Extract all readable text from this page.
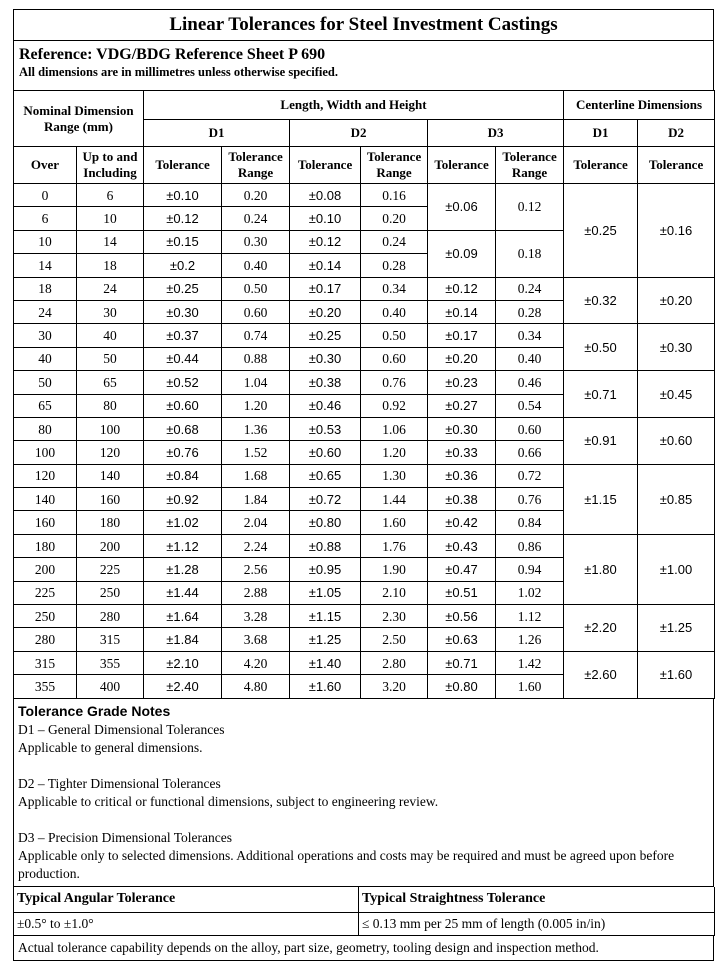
Linear Tolerances for Steel Investment Castings
Reference: VDG/BDG Reference Sheet P 690
All dimensions are in millimetres unless otherwise specified.
Nominal Dimension Range (mm)		Length, Width and Height						Centerline Dimensions	
		D1		D2		D3		D1	D2
Over	Up to and Including	Tolerance	Tolerance Range	Tolerance	Tolerance Range	Tolerance	Tolerance Range	Tolerance	Tolerance
0	6	±0.10	0.20	±0.08	0.16	±0.06	0.12	±0.25	±0.16
6	10	±0.12	0.24	±0.10	0.20				
10	14	±0.15	0.30	±0.12	0.24	±0.09	0.18		
14	18	±0.2	0.40	±0.14	0.28				
18	24	±0.25	0.50	±0.17	0.34	±0.12	0.24	±0.32	±0.20
24	30	±0.30	0.60	±0.20	0.40	±0.14	0.28		
30	40	±0.37	0.74	±0.25	0.50	±0.17	0.34	±0.50	±0.30
40	50	±0.44	0.88	±0.30	0.60	±0.20	0.40		
50	65	±0.52	1.04	±0.38	0.76	±0.23	0.46	±0.71	±0.45
65	80	±0.60	1.20	±0.46	0.92	±0.27	0.54		
80	100	±0.68	1.36	±0.53	1.06	±0.30	0.60	±0.91	±0.60
100	120	±0.76	1.52	±0.60	1.20	±0.33	0.66		
120	140	±0.84	1.68	±0.65	1.30	±0.36	0.72	±1.15	±0.85
140	160	±0.92	1.84	±0.72	1.44	±0.38	0.76		
160	180	±1.02	2.04	±0.80	1.60	±0.42	0.84		
180	200	±1.12	2.24	±0.88	1.76	±0.43	0.86	±1.80	±1.00
200	225	±1.28	2.56	±0.95	1.90	±0.47	0.94		
225	250	±1.44	2.88	±1.05	2.10	±0.51	1.02		
250	280	±1.64	3.28	±1.15	2.30	±0.56	1.12	±2.20	±1.25
280	315	±1.84	3.68	±1.25	2.50	±0.63	1.26		
315	355	±2.10	4.20	±1.40	2.80	±0.71	1.42	±2.60	±1.60
355	400	±2.40	4.80	±1.60	3.20	±0.80	1.60		
Tolerance Grade Notes
D1 – General Dimensional Tolerances
Applicable to general dimensions.
D2 – Tighter Dimensional Tolerances
Applicable to critical or functional dimensions, subject to engineering review.
D3 – Precision Dimensional Tolerances
Applicable only to selected dimensions. Additional operations and costs may be required and must be agreed upon before production.
Typical Angular Tolerance	Typical Straightness Tolerance
±0.5° to ±1.0°	≤ 0.13 mm per 25 mm of length (0.005 in/in)
Actual tolerance capability depends on the alloy, part size, geometry, tooling design and inspection method.
